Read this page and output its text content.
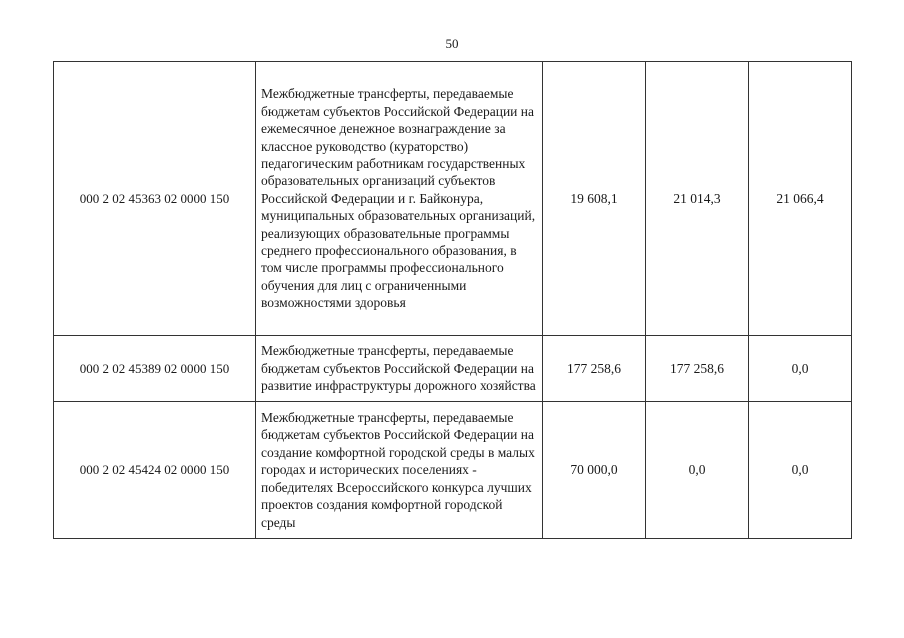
50
000 2 02 45363 02 0000 150	Межбюджетные трансферты, передаваемые бюджетам субъектов Российской Федерации на ежемесячное денежное вознаграждение за классное руководство (кураторство) педагогическим работникам государственных образовательных организаций субъектов Российской Федерации и г. Байконура, муниципальных образовательных организаций, реализующих образовательные программы среднего профессионального образования, в том числе программы профессионального обучения для лиц с ограниченными возможностями здоровья	19 608,1	21 014,3	21 066,4
000 2 02 45389 02 0000 150	Межбюджетные трансферты, передаваемые бюджетам субъектов Российской Федерации на развитие инфраструктуры дорожного хозяйства	177 258,6	177 258,6	0,0
000 2 02 45424 02 0000 150	Межбюджетные трансферты, передаваемые бюджетам субъектов Российской Федерации на создание комфортной городской среды в малых городах и исторических поселениях - победителях Всероссийского конкурса лучших проектов создания комфортной городской среды	70 000,0	0,0	0,0
